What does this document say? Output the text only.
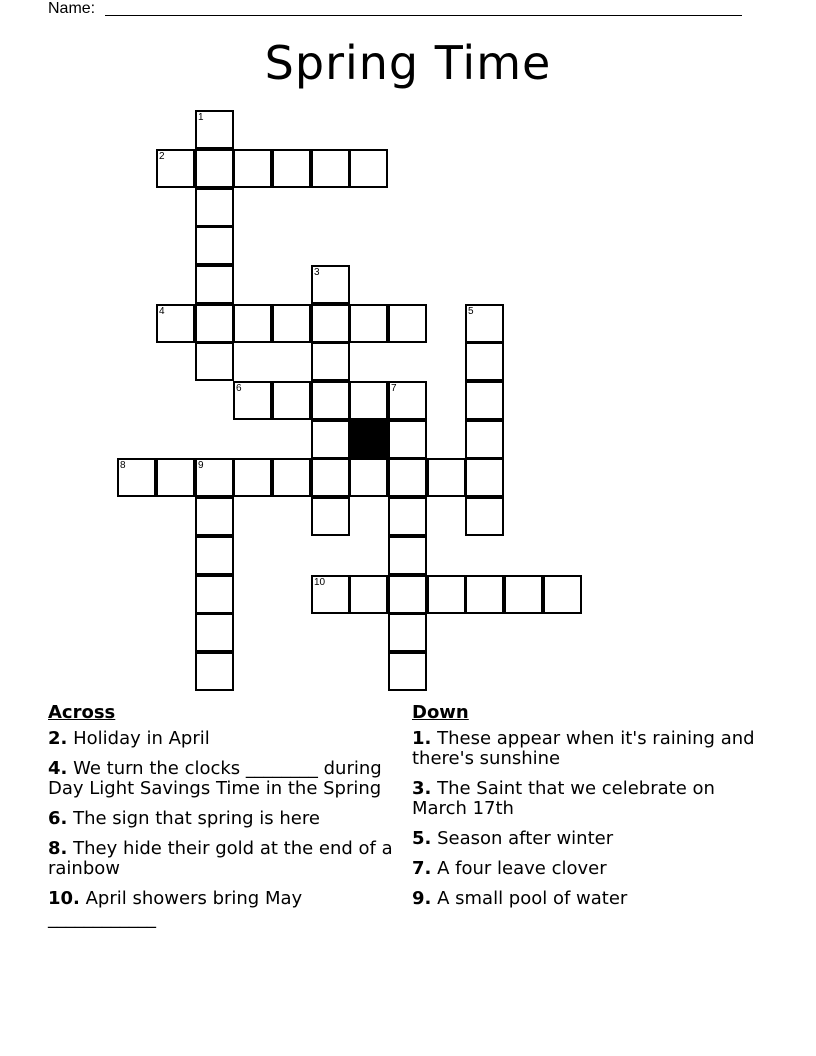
Name:
Spring Time
1
2
3
4	5
6	7
8	9
10
Across
2. Holiday in April
4. We turn the clocks ________ during Day Light Savings Time in the Spring
6. The sign that spring is here
8. They hide their gold at the end of a rainbow
10. April showers bring May ____________
Down
1. These appear when it's raining and there's sunshine
3. The Saint that we celebrate on March 17th
5. Season after winter
7. A four leave clover
9. A small pool of water
